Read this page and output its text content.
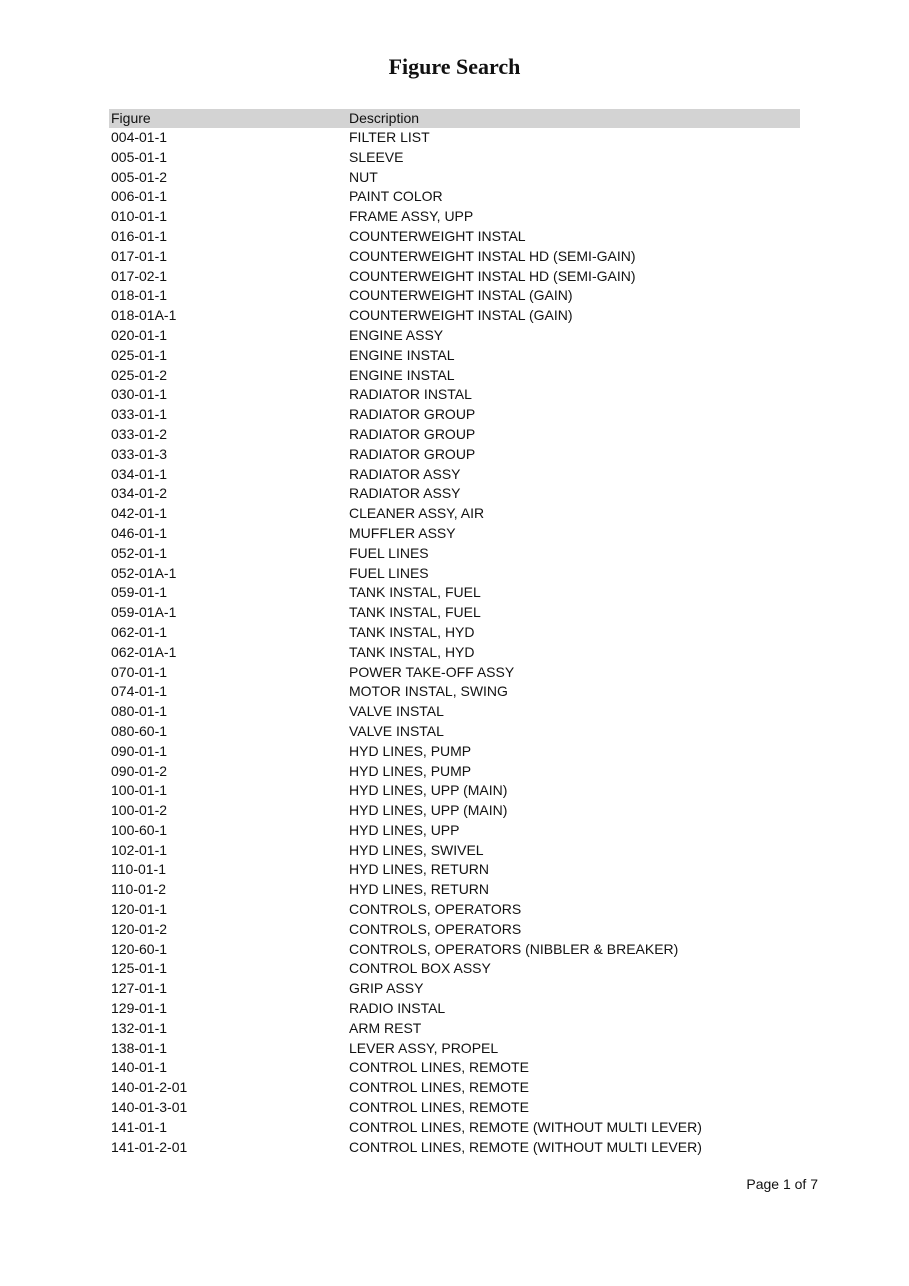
Figure Search
Figure	Description
004-01-1	FILTER LIST
005-01-1	SLEEVE
005-01-2	NUT
006-01-1	PAINT COLOR
010-01-1	FRAME ASSY, UPP
016-01-1	COUNTERWEIGHT INSTAL
017-01-1	COUNTERWEIGHT INSTAL HD (SEMI-GAIN)
017-02-1	COUNTERWEIGHT INSTAL HD (SEMI-GAIN)
018-01-1	COUNTERWEIGHT INSTAL (GAIN)
018-01A-1	COUNTERWEIGHT INSTAL (GAIN)
020-01-1	ENGINE ASSY
025-01-1	ENGINE INSTAL
025-01-2	ENGINE INSTAL
030-01-1	RADIATOR INSTAL
033-01-1	RADIATOR GROUP
033-01-2	RADIATOR GROUP
033-01-3	RADIATOR GROUP
034-01-1	RADIATOR ASSY
034-01-2	RADIATOR ASSY
042-01-1	CLEANER ASSY, AIR
046-01-1	MUFFLER ASSY
052-01-1	FUEL LINES
052-01A-1	FUEL LINES
059-01-1	TANK INSTAL, FUEL
059-01A-1	TANK INSTAL, FUEL
062-01-1	TANK INSTAL, HYD
062-01A-1	TANK INSTAL, HYD
070-01-1	POWER TAKE-OFF ASSY
074-01-1	MOTOR INSTAL, SWING
080-01-1	VALVE INSTAL
080-60-1	VALVE INSTAL
090-01-1	HYD LINES, PUMP
090-01-2	HYD LINES, PUMP
100-01-1	HYD LINES, UPP (MAIN)
100-01-2	HYD LINES, UPP (MAIN)
100-60-1	HYD LINES, UPP
102-01-1	HYD LINES, SWIVEL
110-01-1	HYD LINES, RETURN
110-01-2	HYD LINES, RETURN
120-01-1	CONTROLS, OPERATORS
120-01-2	CONTROLS, OPERATORS
120-60-1	CONTROLS, OPERATORS (NIBBLER & BREAKER)
125-01-1	CONTROL BOX ASSY
127-01-1	GRIP ASSY
129-01-1	RADIO INSTAL
132-01-1	ARM REST
138-01-1	LEVER ASSY, PROPEL
140-01-1	CONTROL LINES, REMOTE
140-01-2-01	CONTROL LINES, REMOTE
140-01-3-01	CONTROL LINES, REMOTE
141-01-1	CONTROL LINES, REMOTE (WITHOUT MULTI LEVER)
141-01-2-01	CONTROL LINES, REMOTE (WITHOUT MULTI LEVER)
Page 1 of 7
